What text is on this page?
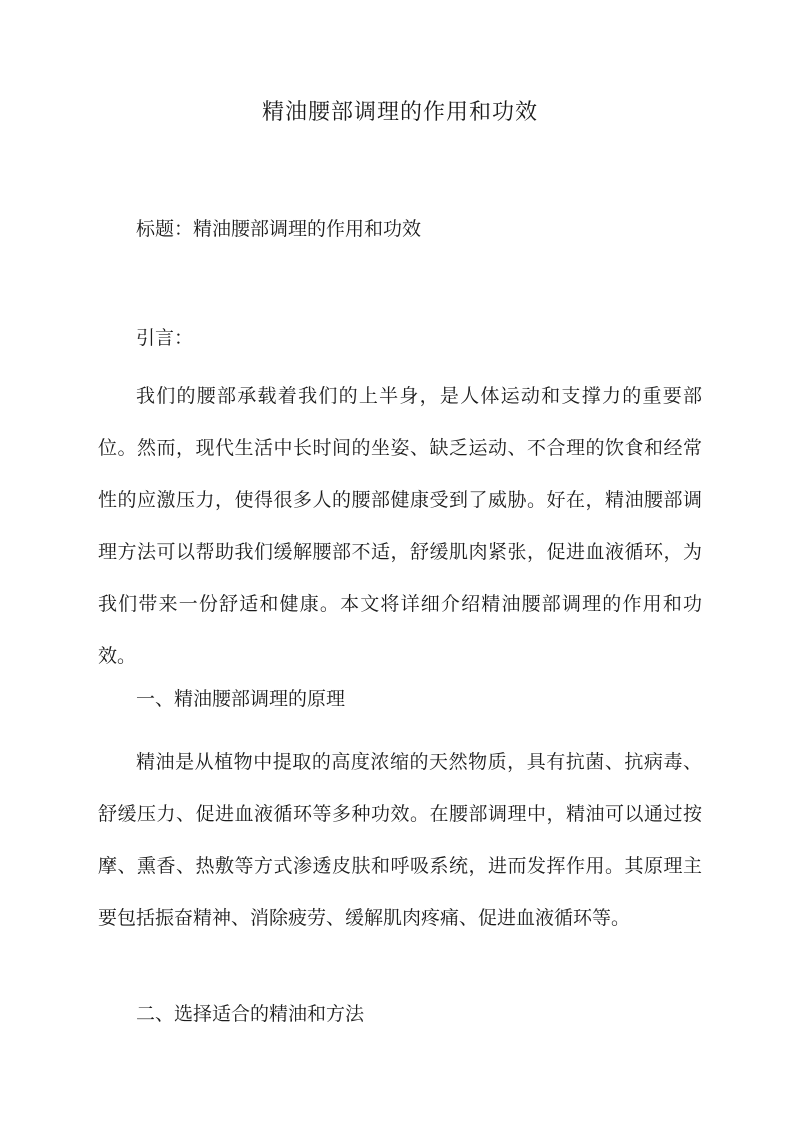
精油腰部调理的作用和功效
标题：精油腰部调理的作用和功效
引言：
我们的腰部承载着我们的上半身，是人体运动和支撑力的重要部位。然而，现代生活中长时间的坐姿、缺乏运动、不合理的饮食和经常性的应激压力，使得很多人的腰部健康受到了威胁。好在，精油腰部调理方法可以帮助我们缓解腰部不适，舒缓肌肉紧张，促进血液循环，为我们带来一份舒适和健康。本文将详细介绍精油腰部调理的作用和功效。
一、精油腰部调理的原理
精油是从植物中提取的高度浓缩的天然物质，具有抗菌、抗病毒、舒缓压力、促进血液循环等多种功效。在腰部调理中，精油可以通过按摩、熏香、热敷等方式渗透皮肤和呼吸系统，进而发挥作用。其原理主要包括振奋精神、消除疲劳、缓解肌肉疼痛、促进血液循环等。
二、选择适合的精油和方法
